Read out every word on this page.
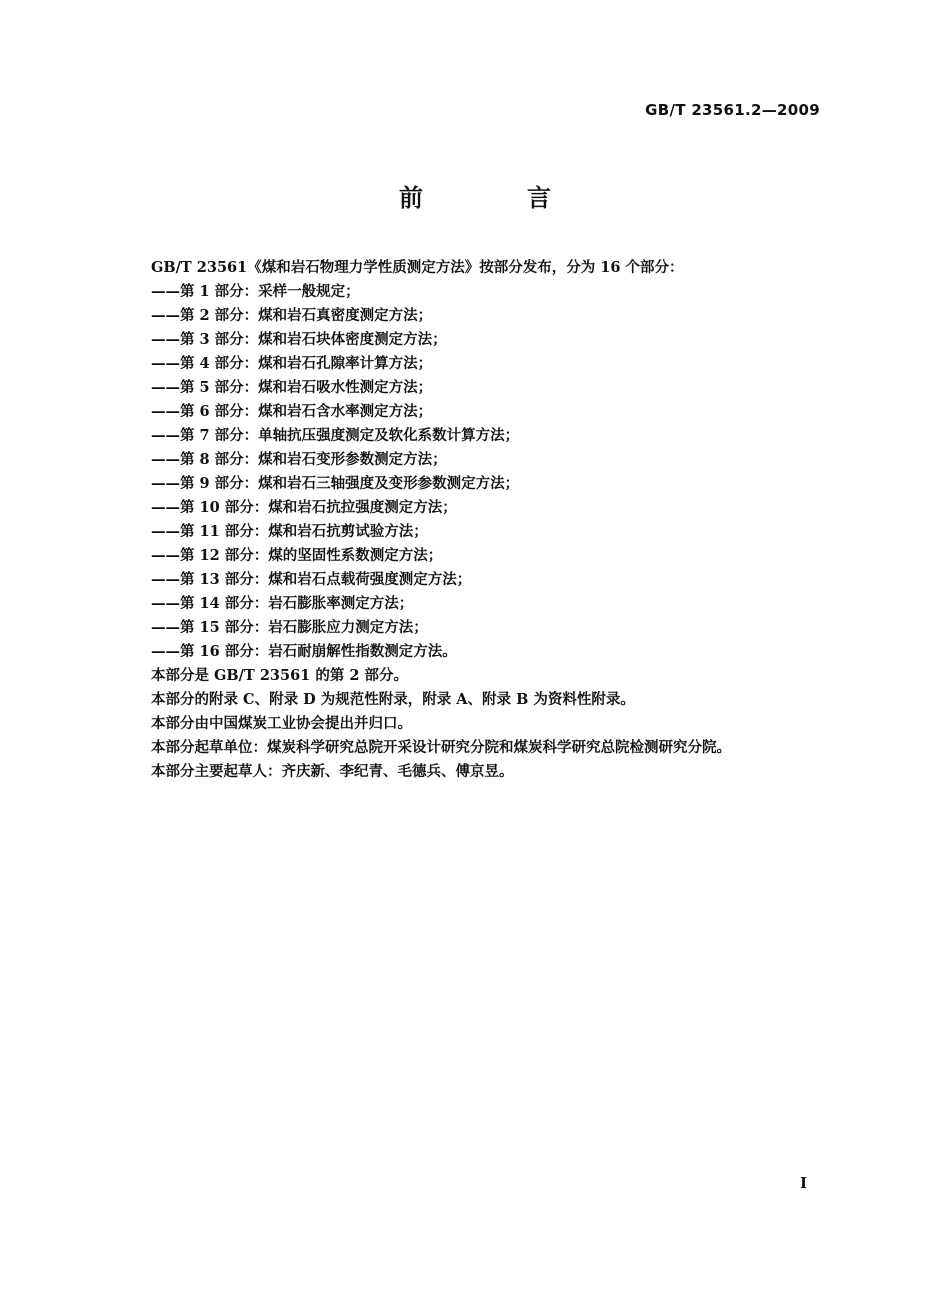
GB/T 23561.2—2009
前　言
GB/T 23561《煤和岩石物理力学性质测定方法》按部分发布，分为 16 个部分：
——第 1 部分：采样一般规定；
——第 2 部分：煤和岩石真密度测定方法；
——第 3 部分：煤和岩石块体密度测定方法；
——第 4 部分：煤和岩石孔隙率计算方法；
——第 5 部分：煤和岩石吸水性测定方法；
——第 6 部分：煤和岩石含水率测定方法；
——第 7 部分：单轴抗压强度测定及软化系数计算方法；
——第 8 部分：煤和岩石变形参数测定方法；
——第 9 部分：煤和岩石三轴强度及变形参数测定方法；
——第 10 部分：煤和岩石抗拉强度测定方法；
——第 11 部分：煤和岩石抗剪试验方法；
——第 12 部分：煤的坚固性系数测定方法；
——第 13 部分：煤和岩石点载荷强度测定方法；
——第 14 部分：岩石膨胀率测定方法；
——第 15 部分：岩石膨胀应力测定方法；
——第 16 部分：岩石耐崩解性指数测定方法。
本部分是 GB/T 23561 的第 2 部分。
本部分的附录 C、附录 D 为规范性附录，附录 A、附录 B 为资料性附录。
本部分由中国煤炭工业协会提出并归口。
本部分起草单位：煤炭科学研究总院开采设计研究分院和煤炭科学研究总院检测研究分院。
本部分主要起草人：齐庆新、李纪青、毛德兵、傅京昱。
I
